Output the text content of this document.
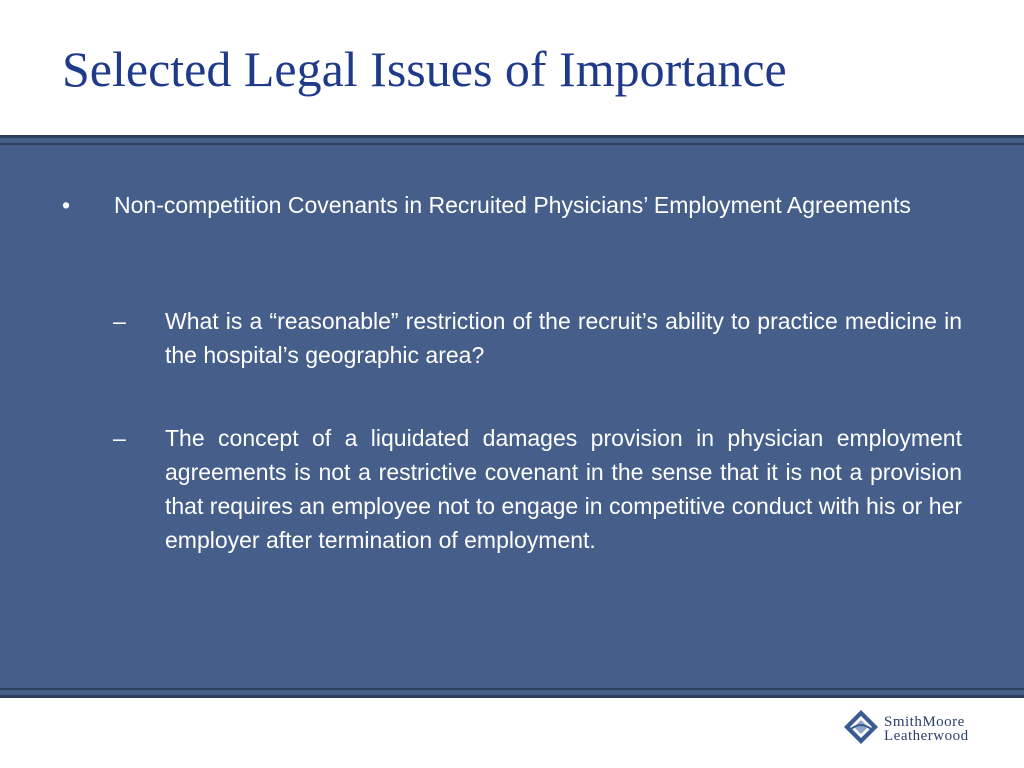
Selected Legal Issues of Importance
• Non-competition Covenants in Recruited Physicians’ Employment Agreements
– What is a “reasonable” restriction of the recruit’s ability to practice medicine in the hospital’s geographic area?
– The concept of a liquidated damages provision in physician employment agreements is not a restrictive covenant in the sense that it is not a provision that requires an employee not to engage in competitive conduct with his or her employer after termination of employment.
SmithMoore
Leatherwood
